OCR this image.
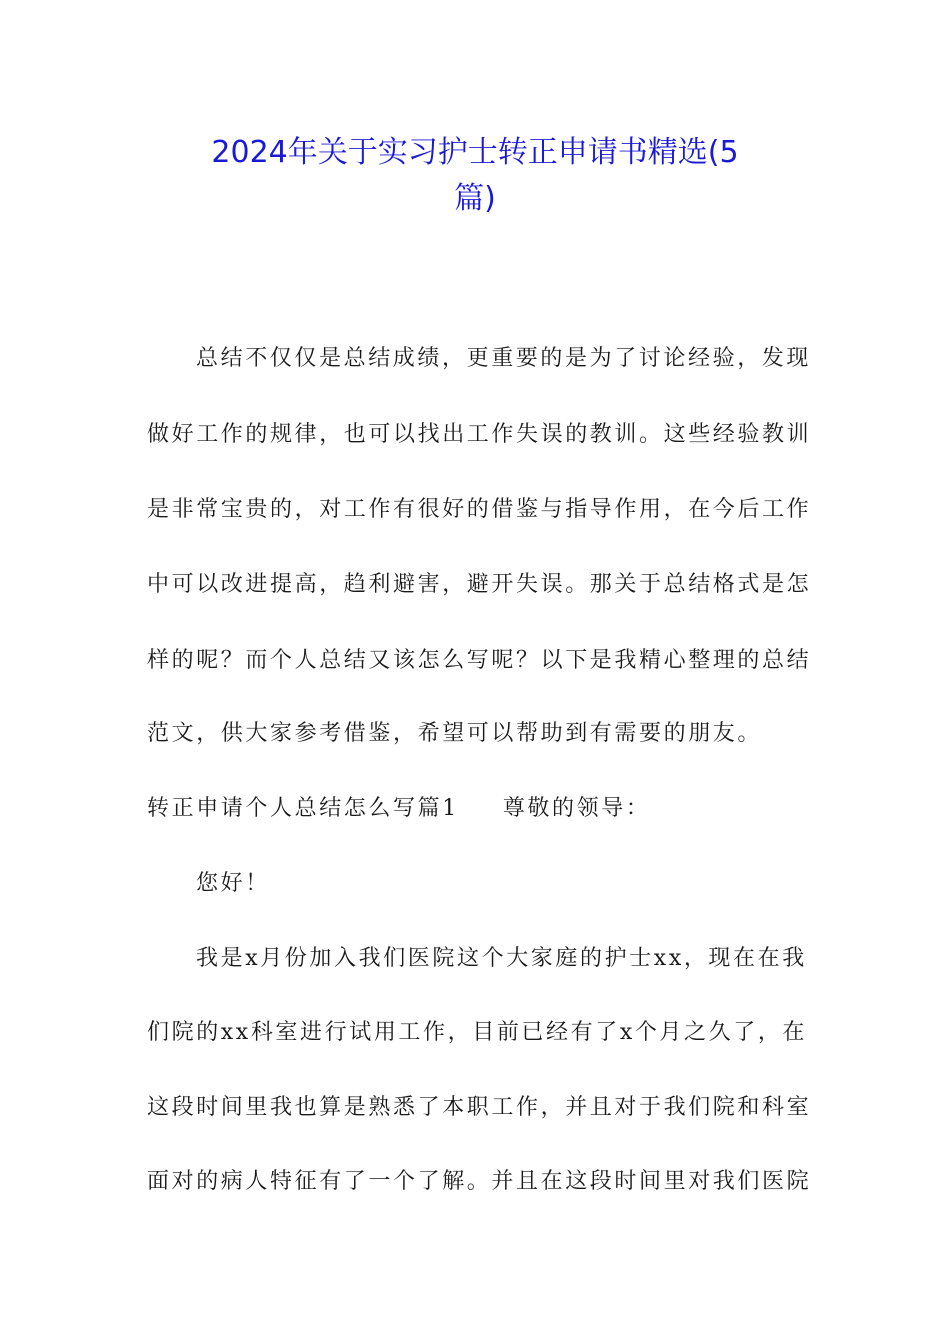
2024年关于实习护士转正申请书精选(5
篇)
总结不仅仅是总结成绩，更重要的是为了讨论经验，发现
做好工作的规律，也可以找出工作失误的教训。这些经验教训
是非常宝贵的，对工作有很好的借鉴与指导作用，在今后工作
中可以改进提高，趋利避害，避开失误。那关于总结格式是怎
样的呢？而个人总结又该怎么写呢？以下是我精心整理的总结
范文，供大家参考借鉴，希望可以帮助到有需要的朋友。
转正申请个人总结怎么写篇1 尊敬的领导：
您好！
我是x月份加入我们医院这个大家庭的护士xx，现在在我
们院的xx科室进行试用工作，目前已经有了x个月之久了，在
这段时间里我也算是熟悉了本职工作，并且对于我们院和科室
面对的病人特征有了一个了解。并且在这段时间里对我们医院
